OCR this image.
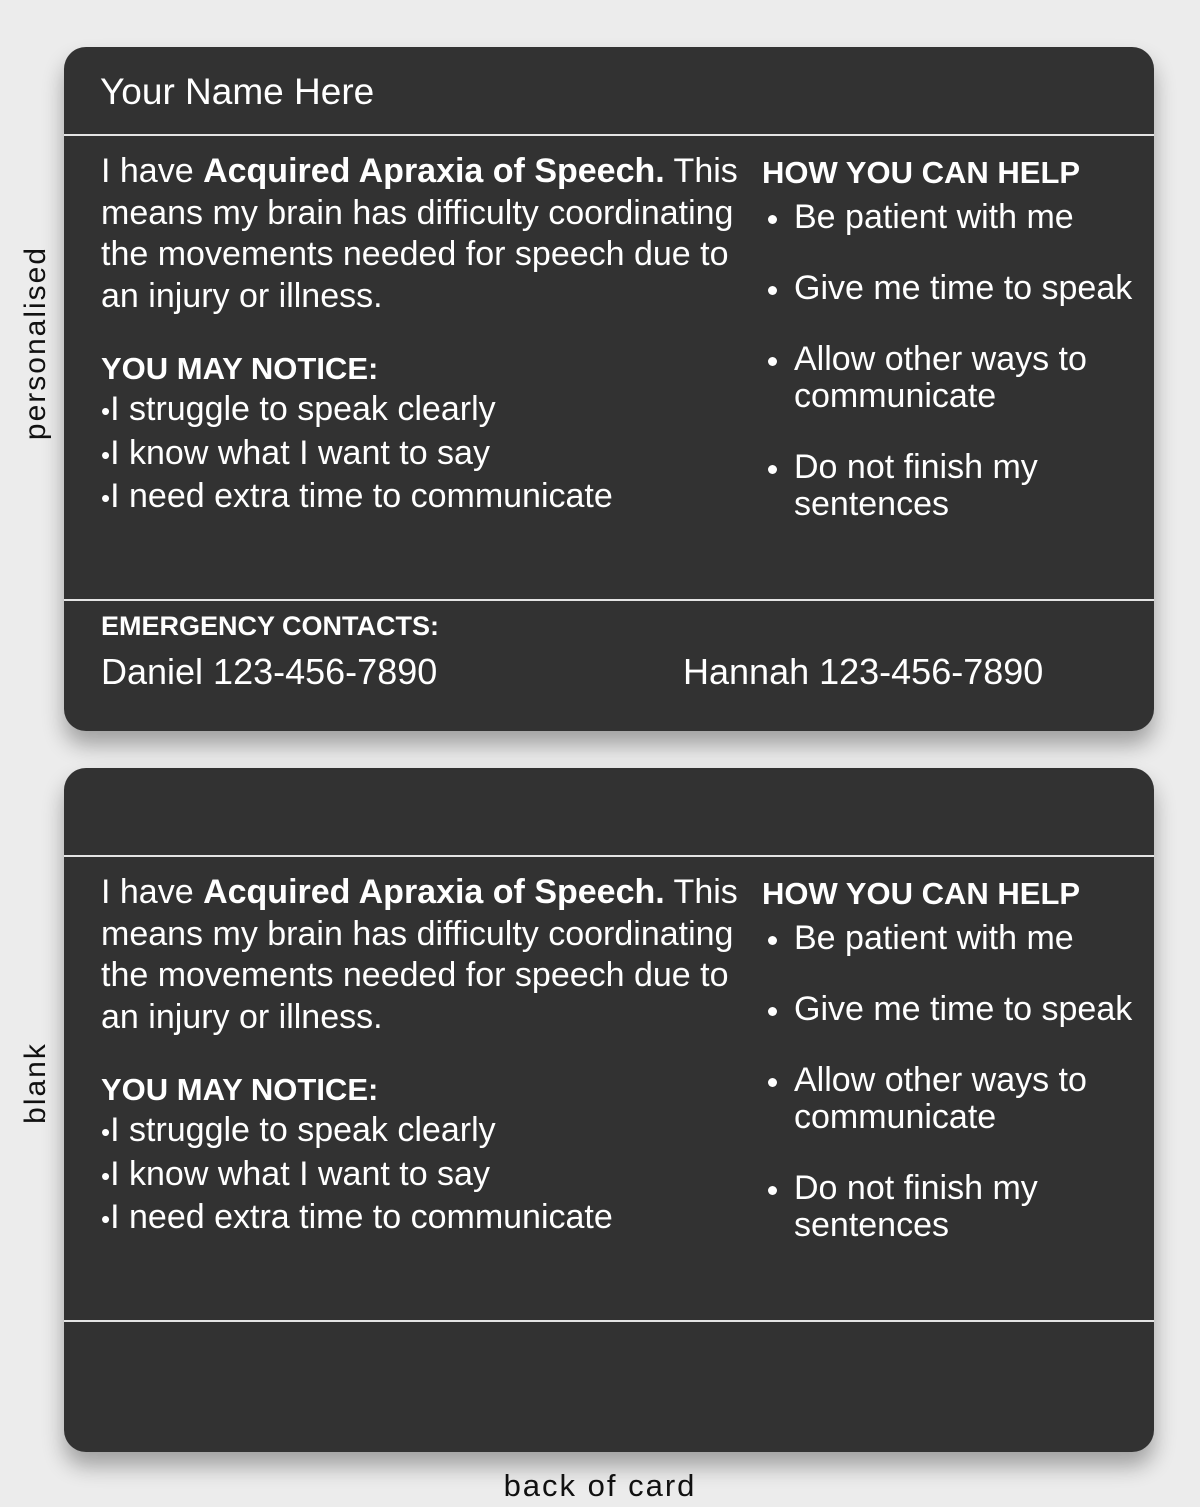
personalised
Your Name Here

I have Acquired Apraxia of Speech. This means my brain has difficulty coordinating the movements needed for speech due to an injury or illness.

YOU MAY NOTICE:
• I struggle to speak clearly
• I know what I want to say
• I need extra time to communicate
HOW YOU CAN HELP
Be patient with me
Give me time to speak
Allow other ways to communicate
Do not finish my sentences
EMERGENCY CONTACTS:
Daniel 123-456-7890	Hannah 123-456-7890
blank

I have Acquired Apraxia of Speech. This means my brain has difficulty coordinating the movements needed for speech due to an injury or illness.

YOU MAY NOTICE:
• I struggle to speak clearly
• I know what I want to say
• I need extra time to communicate
HOW YOU CAN HELP
Be patient with me
Give me time to speak
Allow other ways to communicate
Do not finish my sentences
back of card
